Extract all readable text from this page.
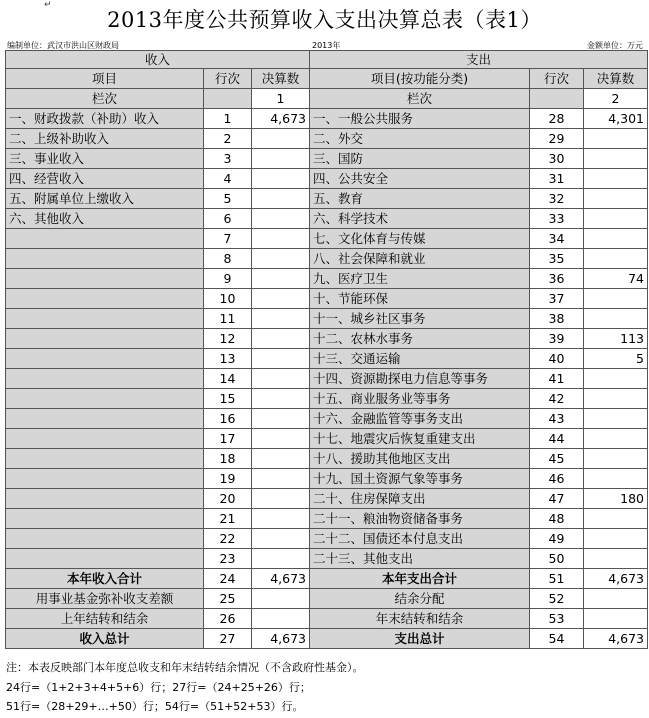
↵
2013年度公共预算收入支出决算总表（表1）
编制单位：武汉市洪山区财政局	2013年	金额单位：万元
收入			支出		
项目	行次	决算数	项目(按功能分类)	行次	决算数
栏次		1	栏次		2
一、财政拨款（补助）收入	1	4,673	一、一般公共服务	28	4,301
二、上级补助收入	2		二、外交	29	
三、事业收入	3		三、国防	30	
四、经营收入	4		四、公共安全	31	
五、附属单位上缴收入	5		五、教育	32	
六、其他收入	6		六、科学技术	33	
	7		七、文化体育与传媒	34	
	8		八、社会保障和就业	35	
	9		九、医疗卫生	36	74
	10		十、节能环保	37	
	11		十一、城乡社区事务	38	
	12		十二、农林水事务	39	113
	13		十三、交通运输	40	5
	14		十四、资源勘探电力信息等事务	41	
	15		十五、商业服务业等事务	42	
	16		十六、金融监管等事务支出	43	
	17		十七、地震灾后恢复重建支出	44	
	18		十八、援助其他地区支出	45	
	19		十九、国土资源气象等事务	46	
	20		二十、住房保障支出	47	180
	21		二十一、粮油物资储备事务	48	
	22		二十二、国债还本付息支出	49	
	23		二十三、其他支出	50	
本年收入合计	24	4,673	本年支出合计	51	4,673
用事业基金弥补收支差额	25		结余分配	52	
上年结转和结余	26		年末结转和结余	53	
收入总计	27	4,673	支出总计	54	4,673
注：本表反映部门本年度总收支和年末结转结余情况（不含政府性基金）。
24行=（1+2+3+4+5+6）行；27行=（24+25+26）行；
51行=（28+29+…+50）行；54行=（51+52+53）行。
